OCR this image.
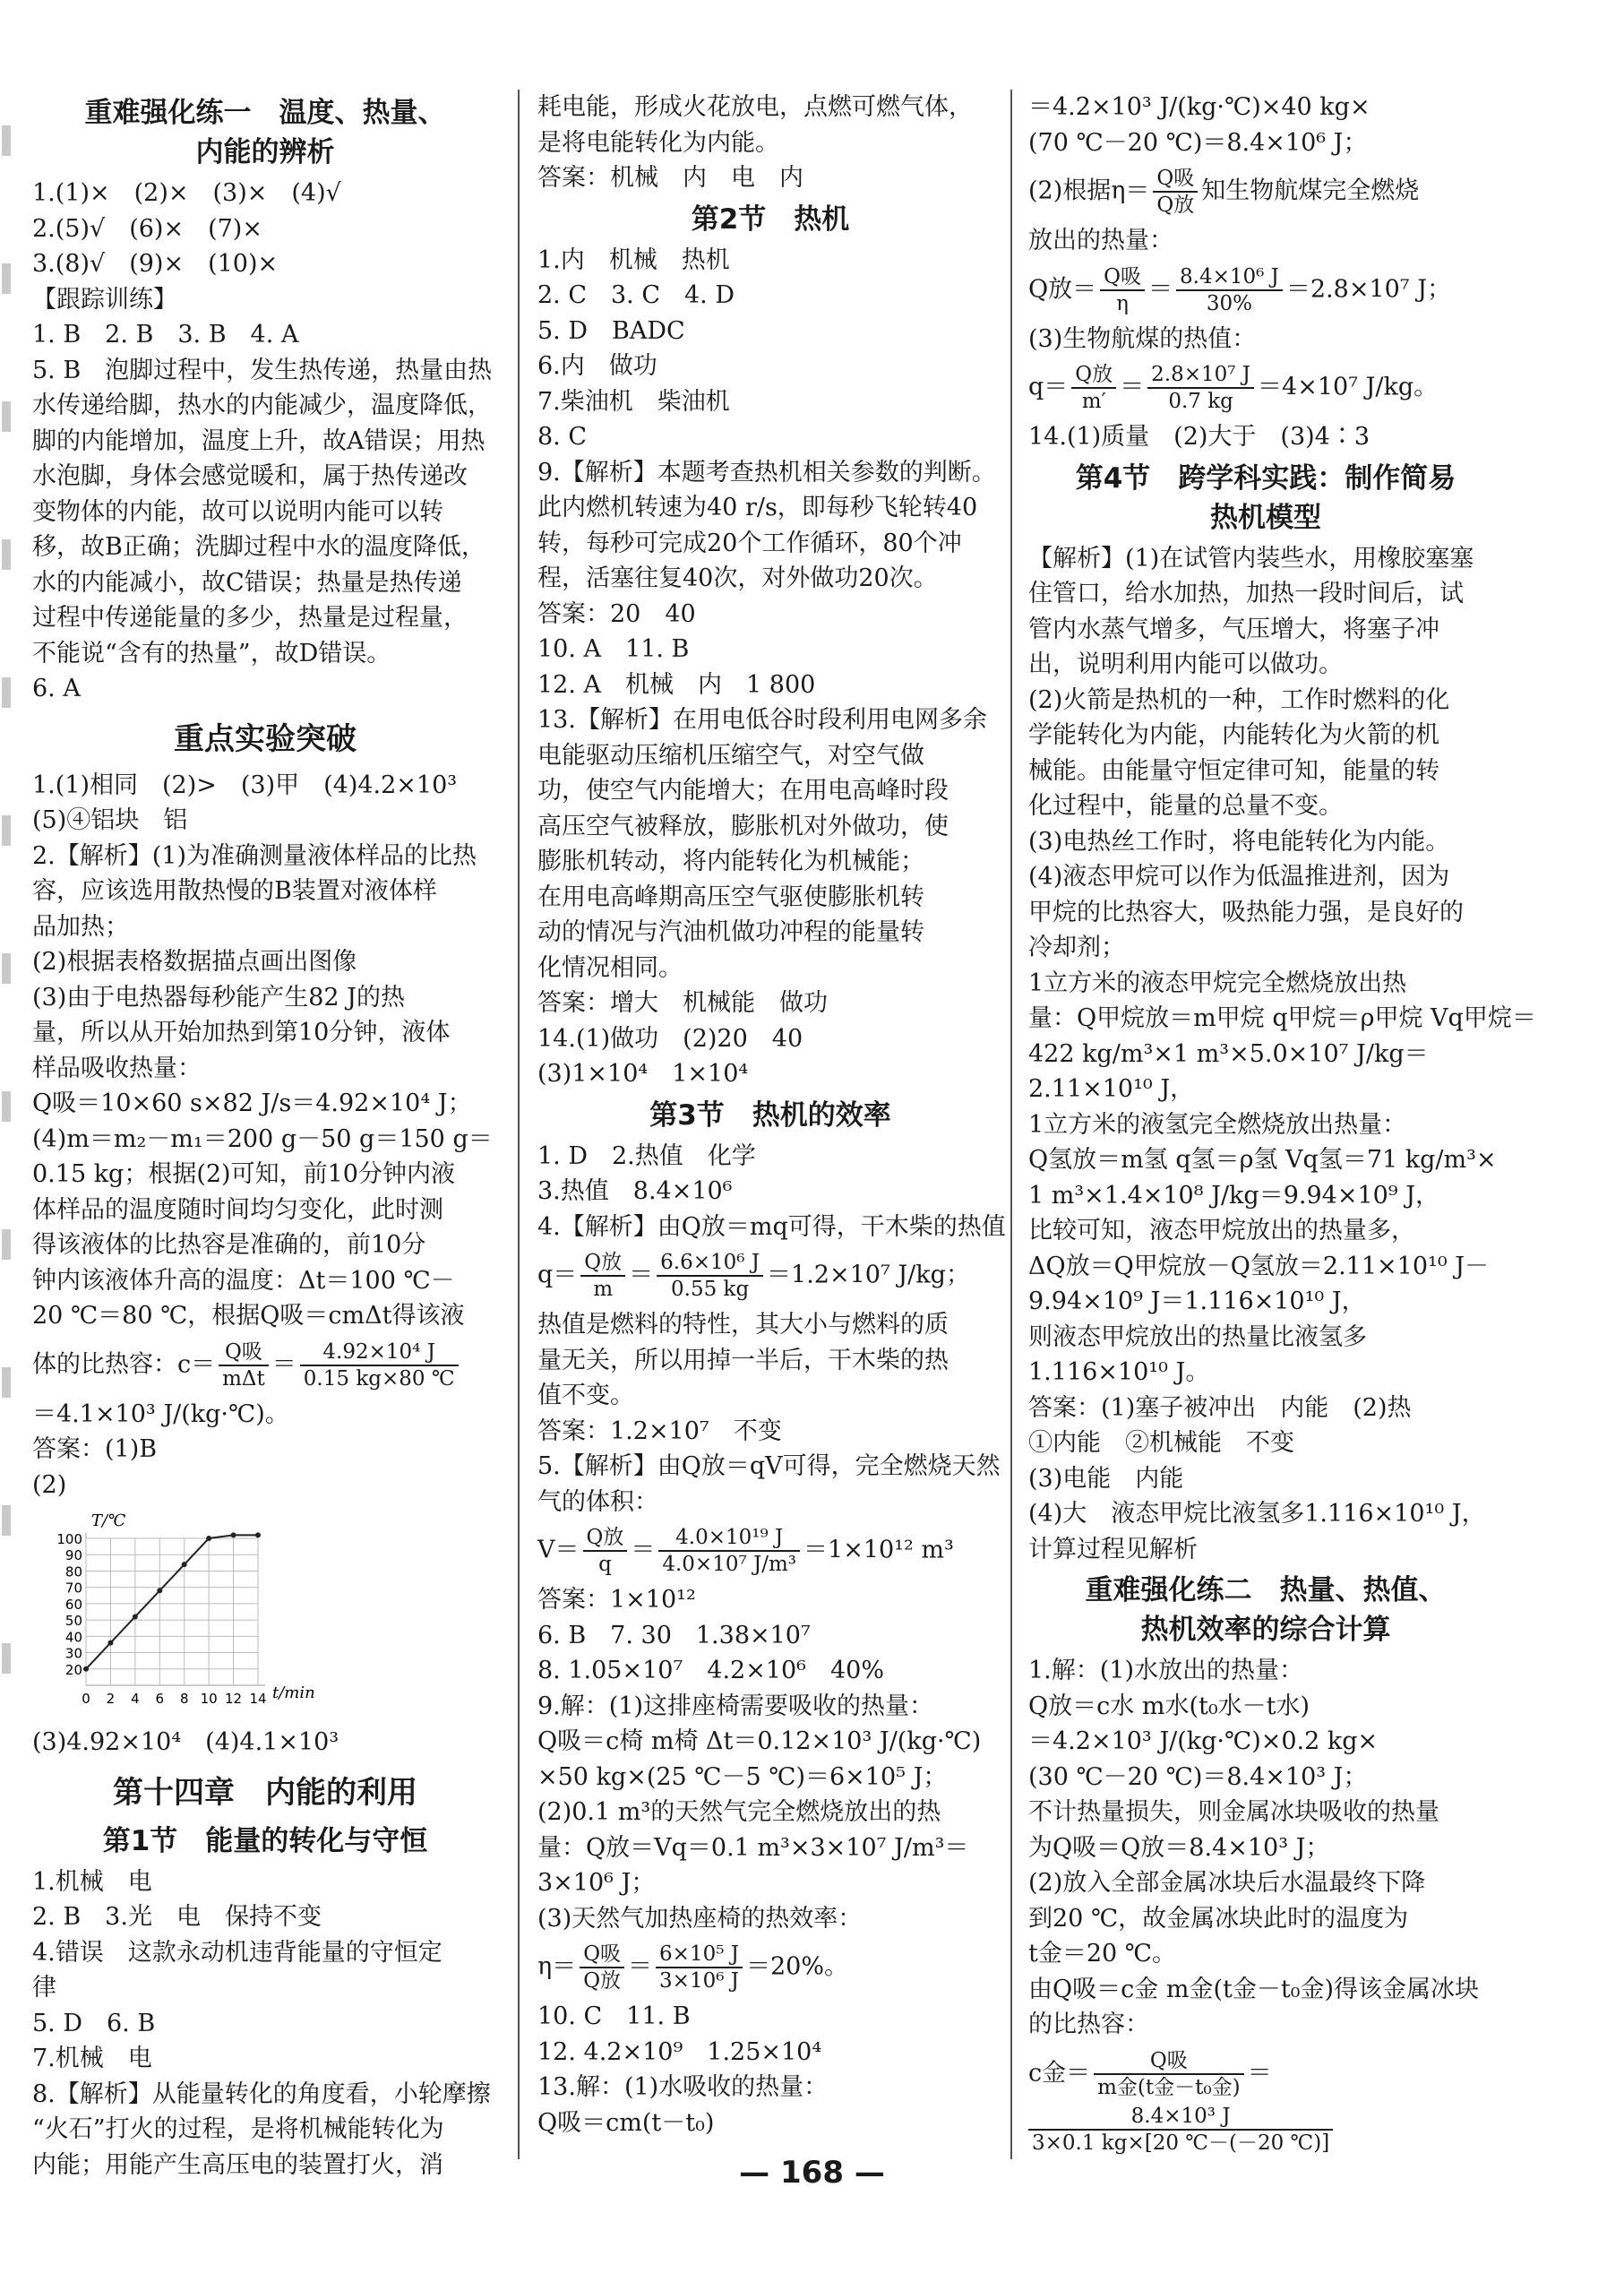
重难强化练一　温度、热量、
内能的辨析
1.(1)×　(2)×　(3)×　(4)√
2.(5)√　(6)×　(7)×
3.(8)√　(9)×　(10)×
【跟踪训练】
1. B　2. B　3. B　4. A
5. B　泡脚过程中，发生热传递，热量由热
水传递给脚，热水的内能减少，温度降低，
脚的内能增加，温度上升，故A错误；用热
水泡脚，身体会感觉暖和，属于热传递改
变物体的内能，故可以说明内能可以转
移，故B正确；洗脚过程中水的温度降低，
水的内能减小，故C错误；热量是热传递
过程中传递能量的多少，热量是过程量，
不能说“含有的热量”，故D错误。
6. A
重点实验突破
1.(1)相同　(2)>　(3)甲　(4)4.2×10³
(5)④铝块　铝
2.【解析】(1)为准确测量液体样品的比热
容，应该选用散热慢的B装置对液体样
品加热；
(2)根据表格数据描点画出图像
(3)由于电热器每秒能产生82 J的热
量，所以从开始加热到第10分钟，液体
样品吸收热量：
Q吸＝10×60 s×82 J/s＝4.92×10⁴ J；
(4)m＝m₂－m₁＝200 g－50 g＝150 g＝
0.15 kg；根据(2)可知，前10分钟内液
体样品的温度随时间均匀变化，此时测
得该液体的比热容是准确的，前10分
钟内该液体升高的温度：Δt＝100 ℃－
20 ℃＝80 ℃，根据Q吸＝cmΔt得该液
体的比热容：$c= \frac{\text{Q吸}}{\text{mΔt}} = \frac{\text{4.92×10⁴ J}}{0.15 kg\times 80 ℃}$
＝4.1×10³ J/(kg·℃)。
答案：(1)B
(2)
100
90
80
70
60
50
40
30
20
0 2 4 6 8 10 12 14
T/℃
t/min
(3)4.92×10⁴　(4)4.1×10³
第十四章　内能的利用
第1节　能量的转化与守恒
1.机械　电
2. B　3.光　电　保持不变
4.错误　这款永动机违背能量的守恒定
律
5. D　6. B
7.机械　电
8.【解析】从能量转化的角度看，小轮摩擦
“火石”打火的过程，是将机械能转化为
内能；用能产生高压电的装置打火，消
耗电能，形成火花放电，点燃可燃气体，
是将电能转化为内能。
答案：机械　内　电　内
第2节　热机
1.内　机械　热机
2. C　3. C　4. D
5. D　BADC
6.内　做功
7.柴油机　柴油机
8. C
9.【解析】本题考查热机相关参数的判断。
此内燃机转速为40 r/s，即每秒飞轮转40
转，每秒可完成20个工作循环，80个冲
程，活塞往复40次，对外做功20次。
答案：20　40
10. A　11. B
12. A　机械　内　1 800
13.【解析】在用电低谷时段利用电网多余
电能驱动压缩机压缩空气，对空气做
功，使空气内能增大；在用电高峰时段
高压空气被释放，膨胀机对外做功，使
膨胀机转动，将内能转化为机械能；
在用电高峰期高压空气驱使膨胀机转
动的情况与汽油机做功冲程的能量转
化情况相同。
答案：增大　机械能　做功
14.(1)做功　(2)20　40
(3)1×10⁴　1×10⁴
第3节　热机的效率
1. D　2.热值　化学
3.热值　8.4×10⁶
4.【解析】由Q放＝mq可得，干木柴的热值
$q= \frac{\text{Q放}}{m} = \frac{\text{6.6×10⁶ J}}{0.55 kg} =1.2\times 10^7$ J/kg；
热值是燃料的特性，其大小与燃料的质
量无关，所以用掉一半后，干木柴的热
值不变。
答案：1.2×10⁷　不变
5.【解析】由Q放＝qV可得，完全燃烧天然
气的体积：
$V= \frac{\text{Q放}}{q} = \frac{\text{4.0×10¹⁹ J}}{\text{4.0×10⁷ J/m³}} =1\times 10^{12}$ m³
答案：1×10¹²
6. B　7. 30　1.38×10⁷
8. 1.05×10⁷　4.2×10⁶　40%
9.解：(1)这排座椅需要吸收的热量：
Q吸＝c椅 m椅 Δt＝0.12×10³ J/(kg·℃)
×50 kg×(25 ℃－5 ℃)＝6×10⁵ J；
(2)0.1 m³的天然气完全燃烧放出的热
量：Q放＝Vq＝0.1 m³×3×10⁷ J/m³＝
3×10⁶ J；
(3)天然气加热座椅的热效率：
$\eta= \frac{\text{Q吸}}{\text{Q放}} = \frac{\text{6×10⁵ J}}{\text{3×10⁶ J}} =20\%$。
10. C　11. B
12. 4.2×10⁹　1.25×10⁴
13.解：(1)水吸收的热量：
Q吸＝cm(t－t₀)
＝4.2×10³ J/(kg·℃)×40 kg×
(70 ℃－20 ℃)＝8.4×10⁶ J；
(2)根据$\eta= \frac{\text{Q吸}}{\text{Q放}}$ 知生物航煤完全燃烧
放出的热量：
Q放＝ $\frac{\text{Q吸}}{\eta} = \frac{\text{8.4×10⁶ J}}{30\%} =2.8\times 10^7$ J；
(3)生物航煤的热值：
$q= \frac{\text{Q放}}{m'} = \frac{\text{2.8×10⁷ J}}{0.7 kg} =4\times 10^7$ J/kg。
14.(1)质量　(2)大于　(3)4∶3
第4节　跨学科实践：制作简易
热机模型
【解析】(1)在试管内装些水，用橡胶塞塞
住管口，给水加热，加热一段时间后，试
管内水蒸气增多，气压增大，将塞子冲
出，说明利用内能可以做功。
(2)火箭是热机的一种，工作时燃料的化
学能转化为内能，内能转化为火箭的机
械能。由能量守恒定律可知，能量的转
化过程中，能量的总量不变。
(3)电热丝工作时，将电能转化为内能。
(4)液态甲烷可以作为低温推进剂，因为
甲烷的比热容大，吸热能力强，是良好的
冷却剂；
1立方米的液态甲烷完全燃烧放出热
量：Q甲烷放＝m甲烷 q甲烷＝ρ甲烷 Vq甲烷＝
422 kg/m³×1 m³×5.0×10⁷ J/kg＝
2.11×10¹⁰ J，
1立方米的液氢完全燃烧放出热量：
Q氢放＝m氢 q氢＝ρ氢 Vq氢＝71 kg/m³×
1 m³×1.4×10⁸ J/kg＝9.94×10⁹ J，
比较可知，液态甲烷放出的热量多，
ΔQ放＝Q甲烷放－Q氢放＝2.11×10¹⁰ J－
9.94×10⁹ J＝1.116×10¹⁰ J，
则液态甲烷放出的热量比液氢多
1.116×10¹⁰ J。
答案：(1)塞子被冲出　内能　(2)热
①内能　②机械能　不变
(3)电能　内能
(4)大　液态甲烷比液氢多1.116×10¹⁰ J，
计算过程见解析
重难强化练二　热量、热值、
热机效率的综合计算
1.解：(1)水放出的热量：
Q放＝c水 m水(t₀水－t水)
＝4.2×10³ J/(kg·℃)×0.2 kg×
(30 ℃－20 ℃)＝8.4×10³ J；
不计热量损失，则金属冰块吸收的热量
为Q吸＝Q放＝8.4×10³ J；
(2)放入全部金属冰块后水温最终下降
到20 ℃，故金属冰块此时的温度为
t金＝20 ℃。
由Q吸＝c金 m金(t金－t₀金)得该金属冰块
的比热容：
c金＝ $\frac{\text{Q吸}}{\text{m金(t金－t₀金)}}$ ＝
$\frac{\text{8.4×10³ J}}{3\times 0.1 kg\times[20 ℃-(-20 ℃)]}$
— 168 —
